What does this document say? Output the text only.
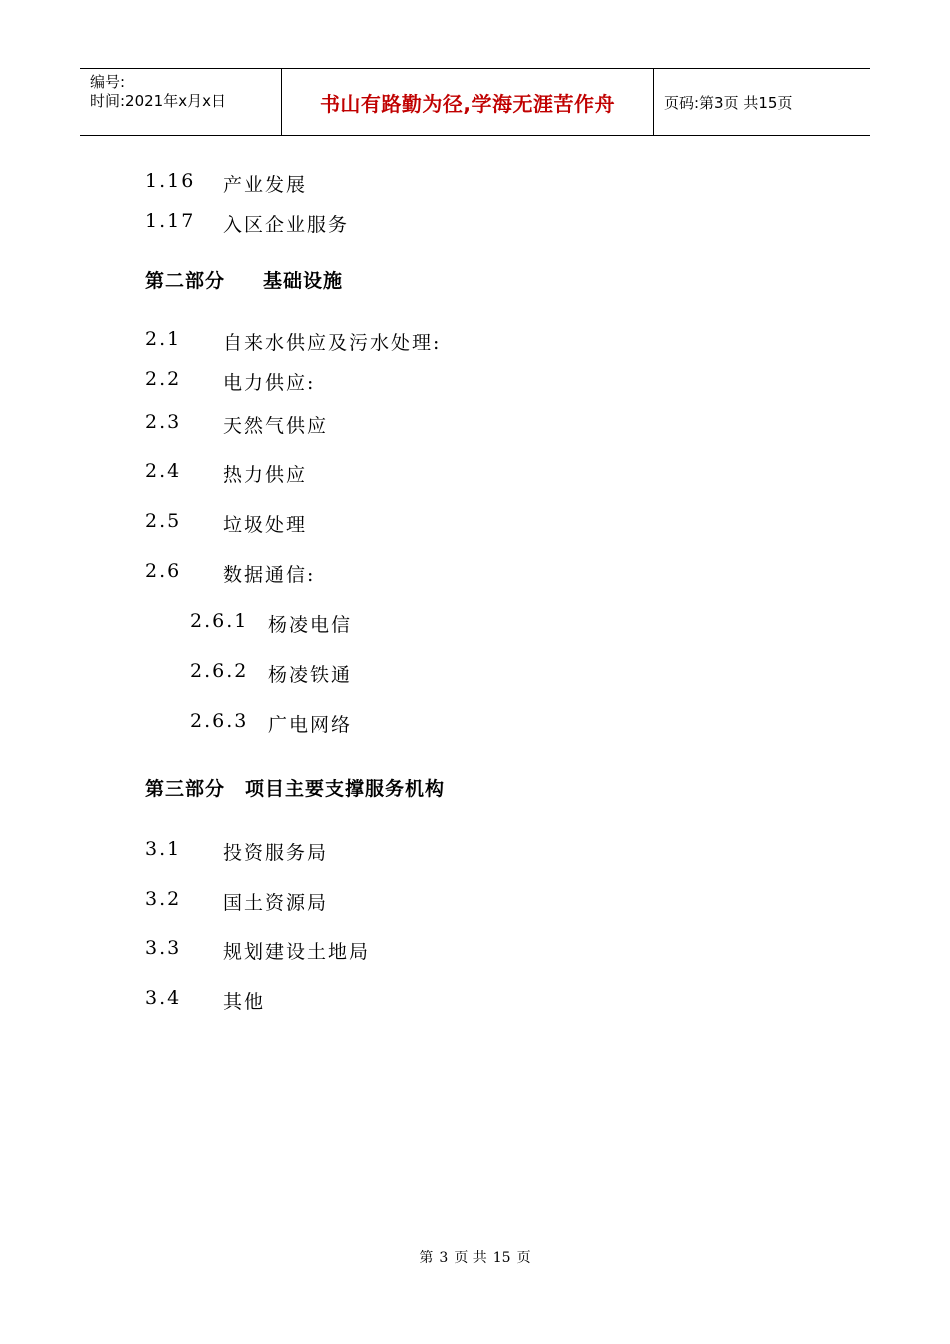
编号:
时间:2021年x月x日	书山有路勤为径,学海无涯苦作舟	页码:第3页 共15页
1.16 产业发展
1.17 入区企业服务
第二部分 基础设施
2.1 自来水供应及污水处理:
2.2 电力供应:
2.3 天然气供应
2.4 热力供应
2.5 垃圾处理
2.6 数据通信:
2.6.1 杨凌电信
2.6.2 杨凌铁通
2.6.3 广电网络
第三部分 项目主要支撑服务机构
3.1 投资服务局
3.2 国土资源局
3.3 规划建设土地局
3.4 其他
第 3 页 共 15 页
